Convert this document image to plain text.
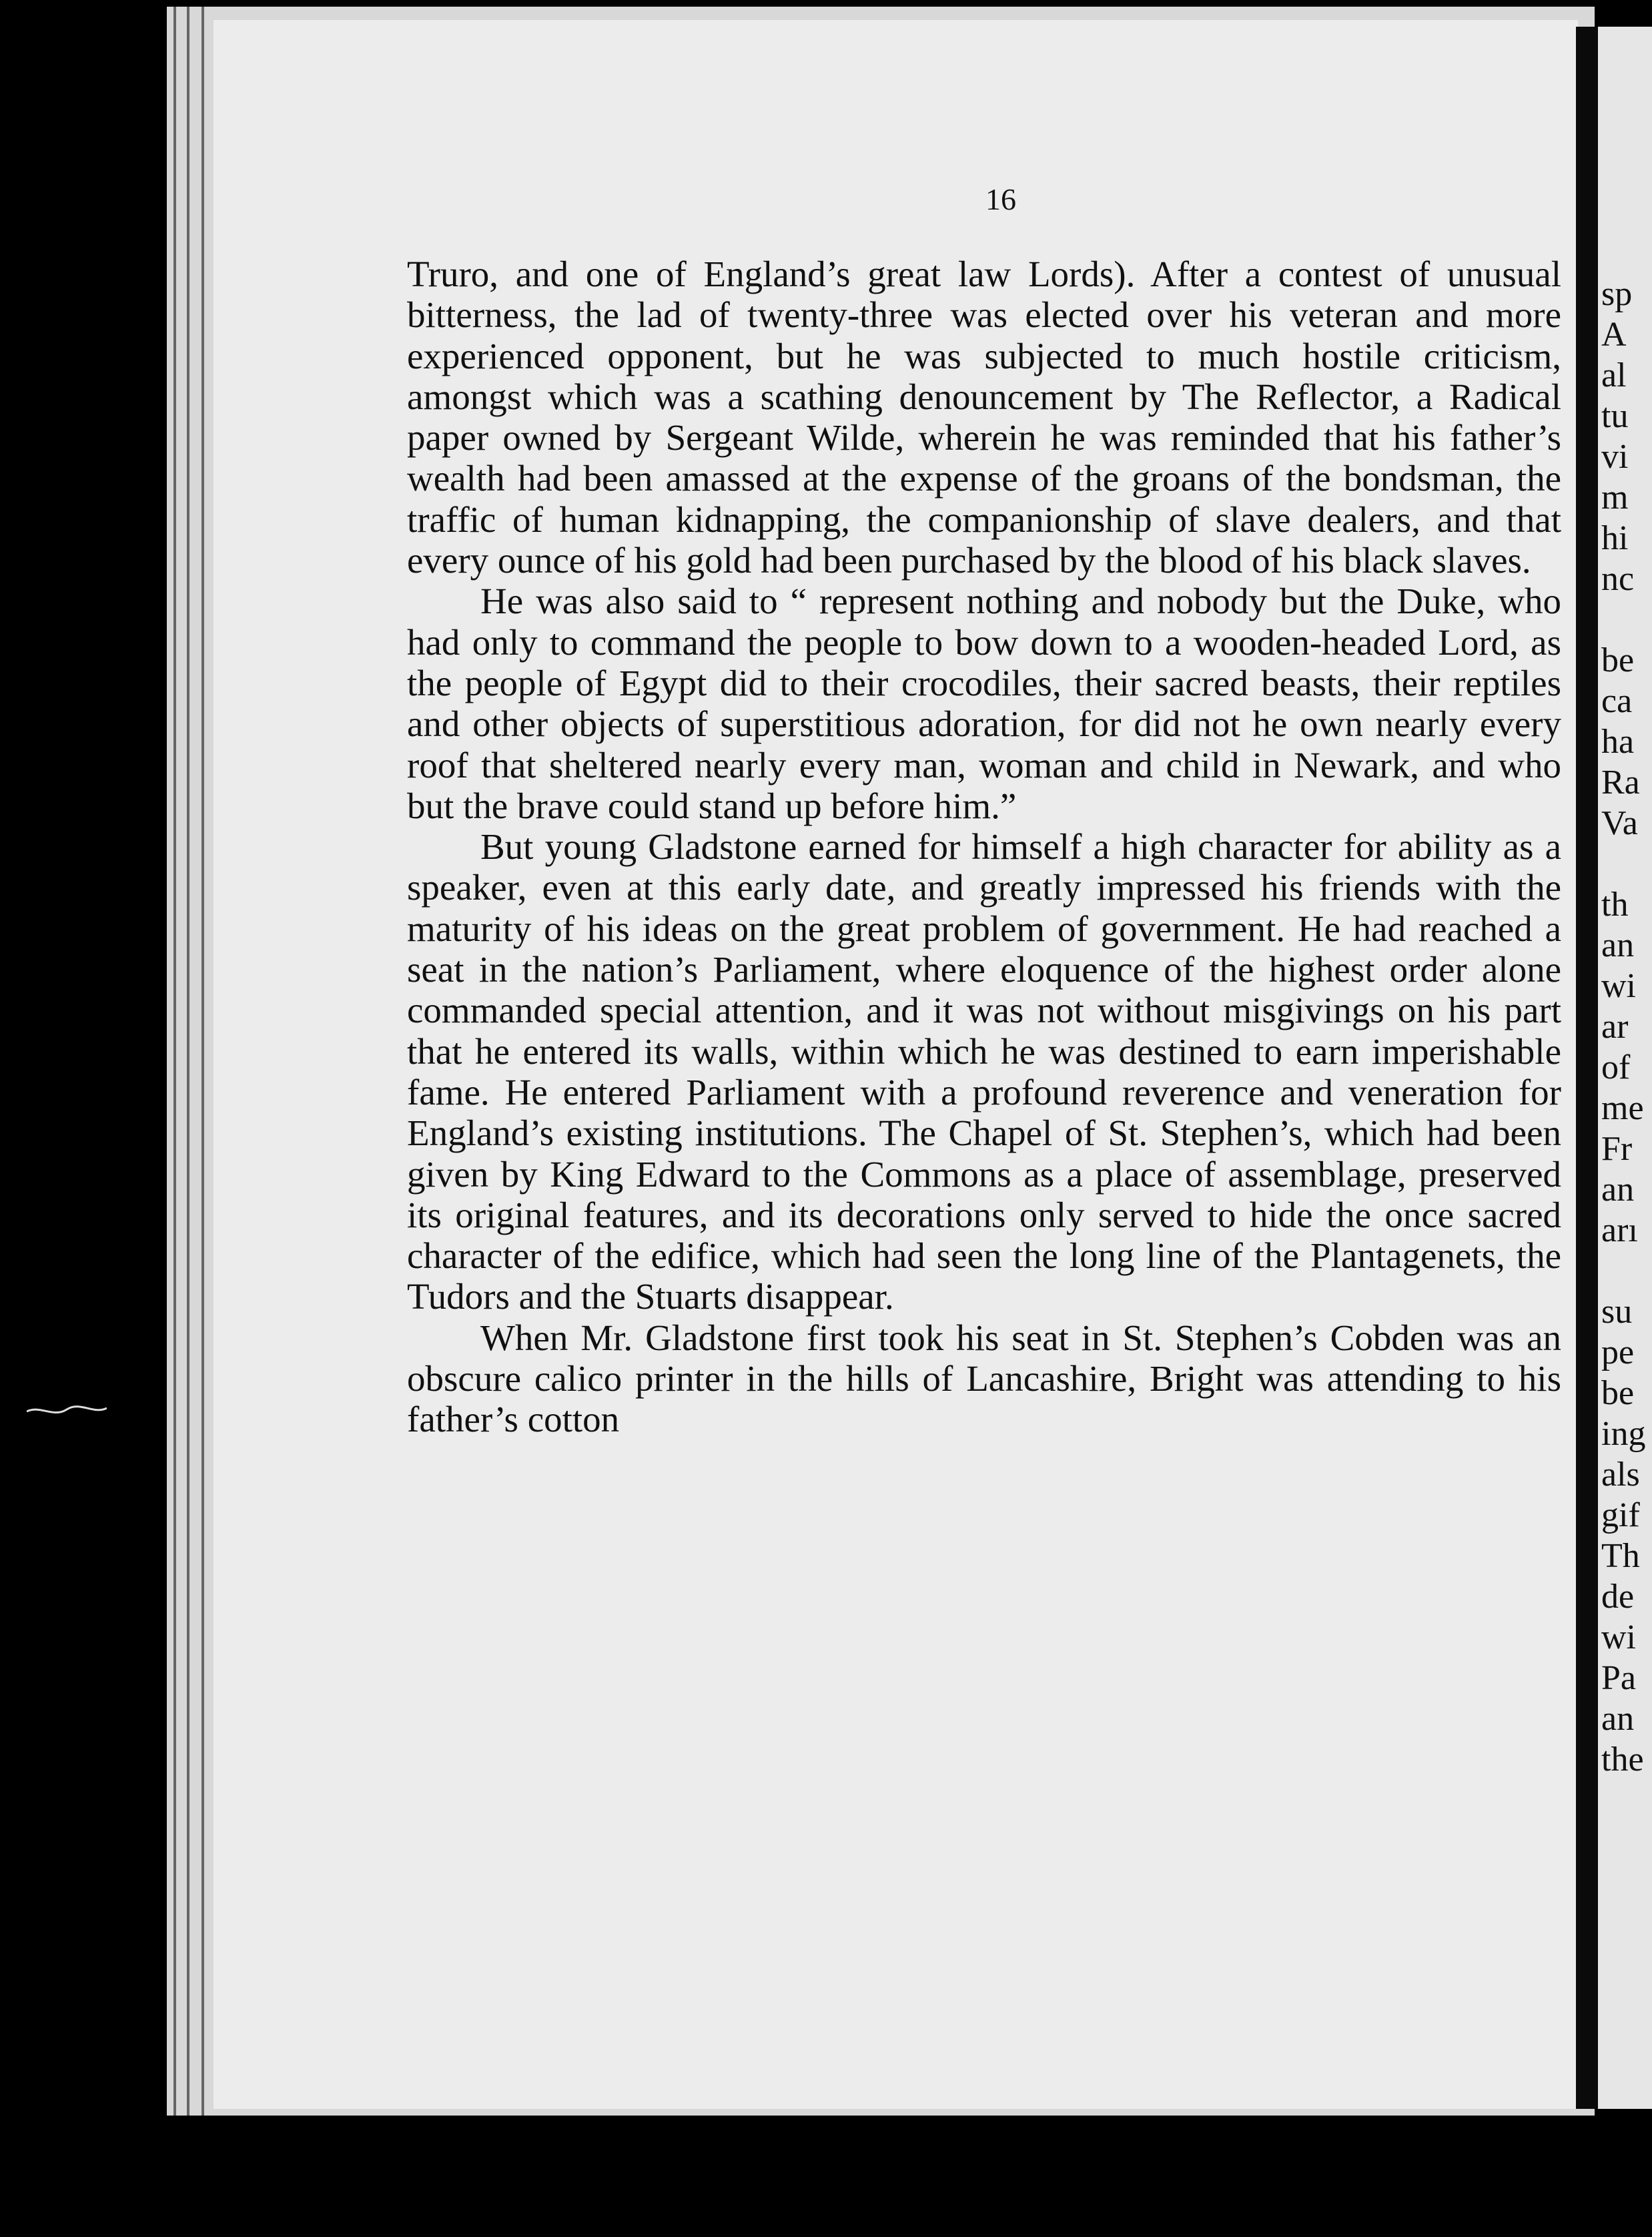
16

Truro, and one of England’s great law Lords). After a contest of unusual bitterness, the lad of twenty-three was elected over his veteran and more experienced opponent, but he was subjected to much hostile criticism, amongst which was a scathing denouncement by The Reflector, a Radical paper owned by Sergeant Wilde, wherein he was reminded that his father’s wealth had been amassed at the expense of the groans of the bondsman, the traffic of human kidnapping, the companionship of slave dealers, and that every ounce of his gold had been purchased by the blood of his black slaves.

He was also said to “ represent nothing and nobody but the Duke, who had only to command the people to bow down to a wooden-headed Lord, as the people of Egypt did to their crocodiles, their sacred beasts, their reptiles and other objects of superstitious adoration, for did not he own nearly every roof that sheltered nearly every man, woman and child in Newark, and who but the brave could stand up before him.”

But young Gladstone earned for himself a high character for ability as a speaker, even at this early date, and greatly impressed his friends with the maturity of his ideas on the great problem of government. He had reached a seat in the nation’s Parliament, where eloquence of the highest order alone commanded special attention, and it was not without misgivings on his part that he entered its walls, within which he was destined to earn imperishable fame. He entered Parliament with a profound reverence and veneration for England’s existing institutions. The Chapel of St. Stephen’s, which had been given by King Edward to the Commons as a place of assemblage, preserved its original features, and its decorations only served to hide the once sacred character of the edifice, which had seen the long line of the Plantagenets, the Tudors and the Stuarts disappear.

When Mr. Gladstone first took his seat in St. Stephen’s Cobden was an obscure calico printer in the hills of Lancashire, Bright was attending to his father’s cotton

sp
A
al
tu
vi
m
hi
nc
be
ca
ha
Ra
Va
th
an
wi
ar
of
me
Fr
an
arı
su
pe
be
ing
als
gif
Th
de
wi
Pa
an
the
